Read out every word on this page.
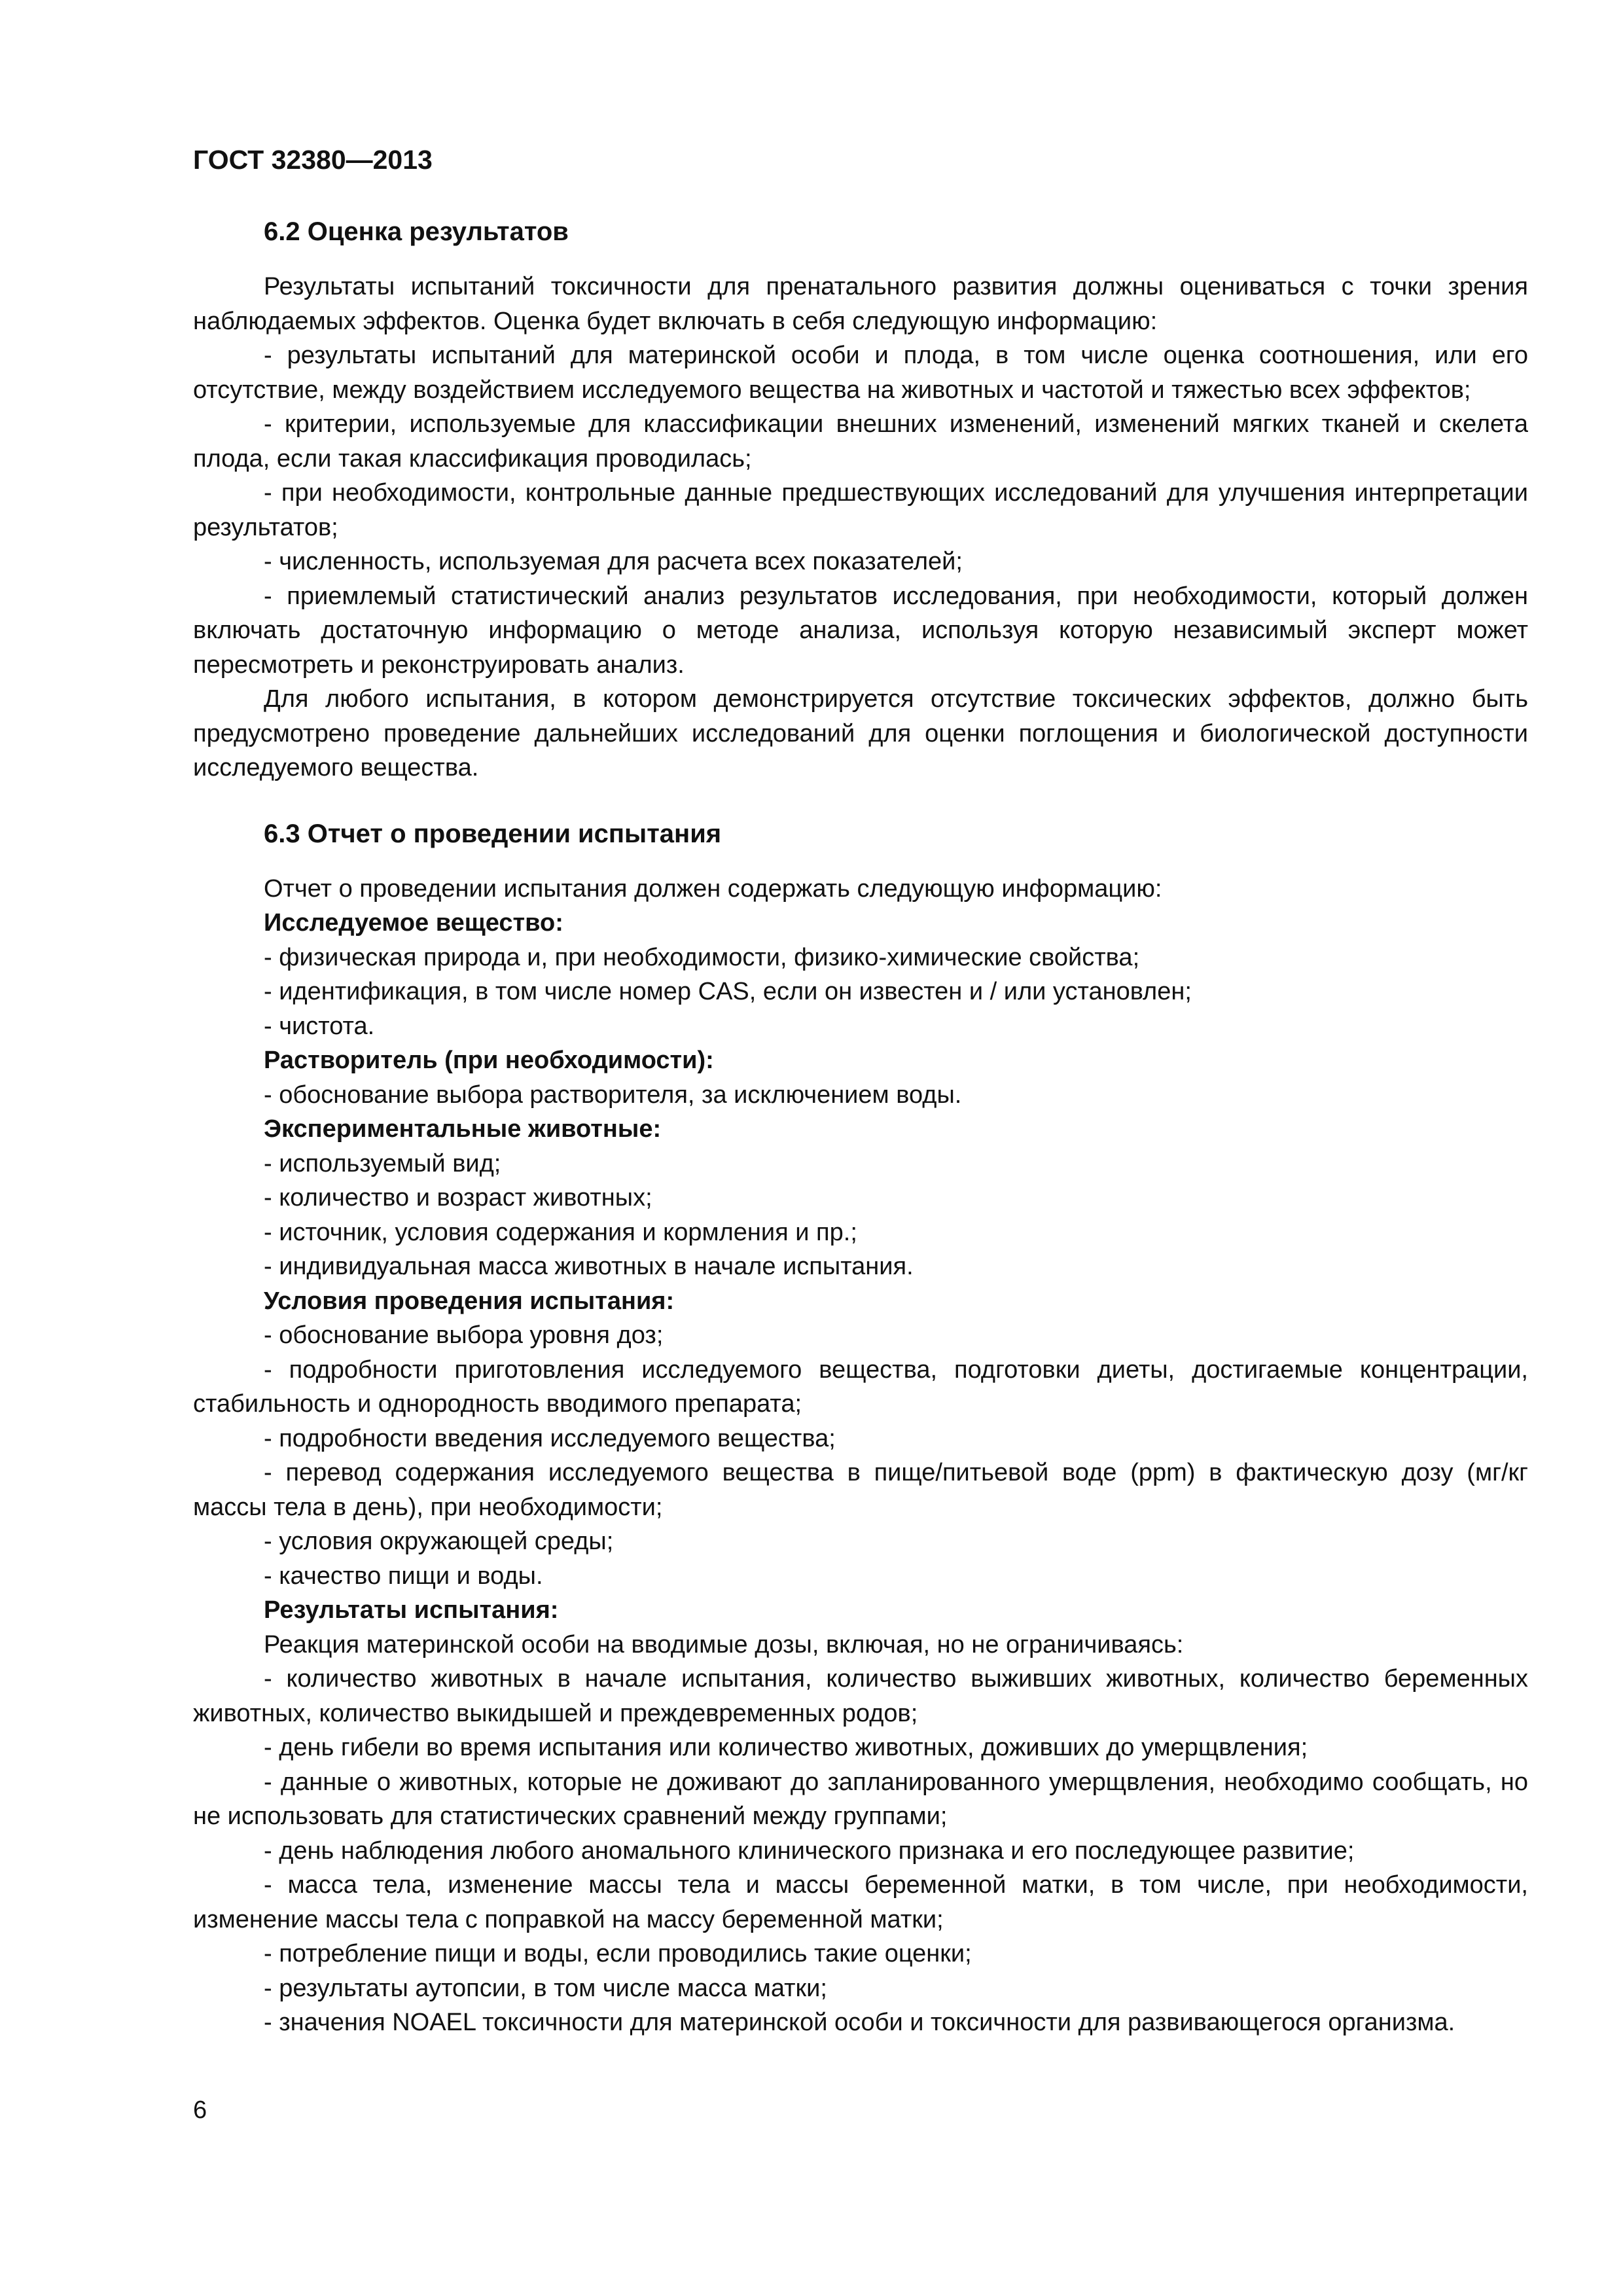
ГОСТ 32380—2013
6.2 Оценка результатов

Результаты испытаний токсичности для пренатального развития должны оцениваться с точки зрения наблюдаемых эффектов. Оценка будет включать в себя следующую информацию:

- результаты испытаний для материнской особи и плода, в том числе оценка соотношения, или его отсутствие, между воздействием исследуемого вещества на животных и частотой и тяжестью всех эффектов;

- критерии, используемые для классификации внешних изменений, изменений мягких тканей и скелета плода, если такая классификация проводилась;

- при необходимости, контрольные данные предшествующих исследований для улучшения интерпретации результатов;

- численность, используемая для расчета всех показателей;

- приемлемый статистический анализ результатов исследования, при необходимости, который должен включать достаточную информацию о методе анализа, используя которую независимый эксперт может пересмотреть и реконструировать анализ.

Для любого испытания, в котором демонстрируется отсутствие токсических эффектов, должно быть предусмотрено проведение дальнейших исследований для оценки поглощения и биологической доступности исследуемого вещества.

6.3 Отчет о проведении испытания

Отчет о проведении испытания должен содержать следующую информацию:

Исследуемое вещество:

- физическая природа и, при необходимости, физико-химические свойства;

- идентификация, в том числе номер CAS, если он известен и / или установлен;

- чистота.

Растворитель (при необходимости):

- обоснование выбора растворителя, за исключением воды.

Экспериментальные животные:

- используемый вид;

- количество и возраст животных;

- источник, условия содержания и кормления и пр.;

- индивидуальная масса животных в начале испытания.

Условия проведения испытания:

- обоснование выбора уровня доз;

- подробности приготовления исследуемого вещества, подготовки диеты, достигаемые концентрации, стабильность и однородность вводимого препарата;

- подробности введения исследуемого вещества;

- перевод содержания исследуемого вещества в пище/питьевой воде (ppm) в фактическую дозу (мг/кг массы тела в день), при необходимости;

- условия окружающей среды;

- качество пищи и воды.

Результаты испытания:

Реакция материнской особи на вводимые дозы, включая, но не ограничиваясь:

- количество животных в начале испытания, количество выживших животных, количество беременных животных, количество выкидышей и преждевременных родов;

- день гибели во время испытания или количество животных, доживших до умерщвления;

- данные о животных, которые не доживают до запланированного умерщвления, необходимо сообщать, но не использовать для статистических сравнений между группами;

- день наблюдения любого аномального клинического признака и его последующее развитие;

- масса тела, изменение массы тела и массы беременной матки, в том числе, при необходимости, изменение массы тела с поправкой на массу беременной матки;

- потребление пищи и воды, если проводились такие оценки;

- результаты аутопсии, в том числе масса матки;

- значения NOAEL токсичности для материнской особи и токсичности для развивающегося организма.

6
